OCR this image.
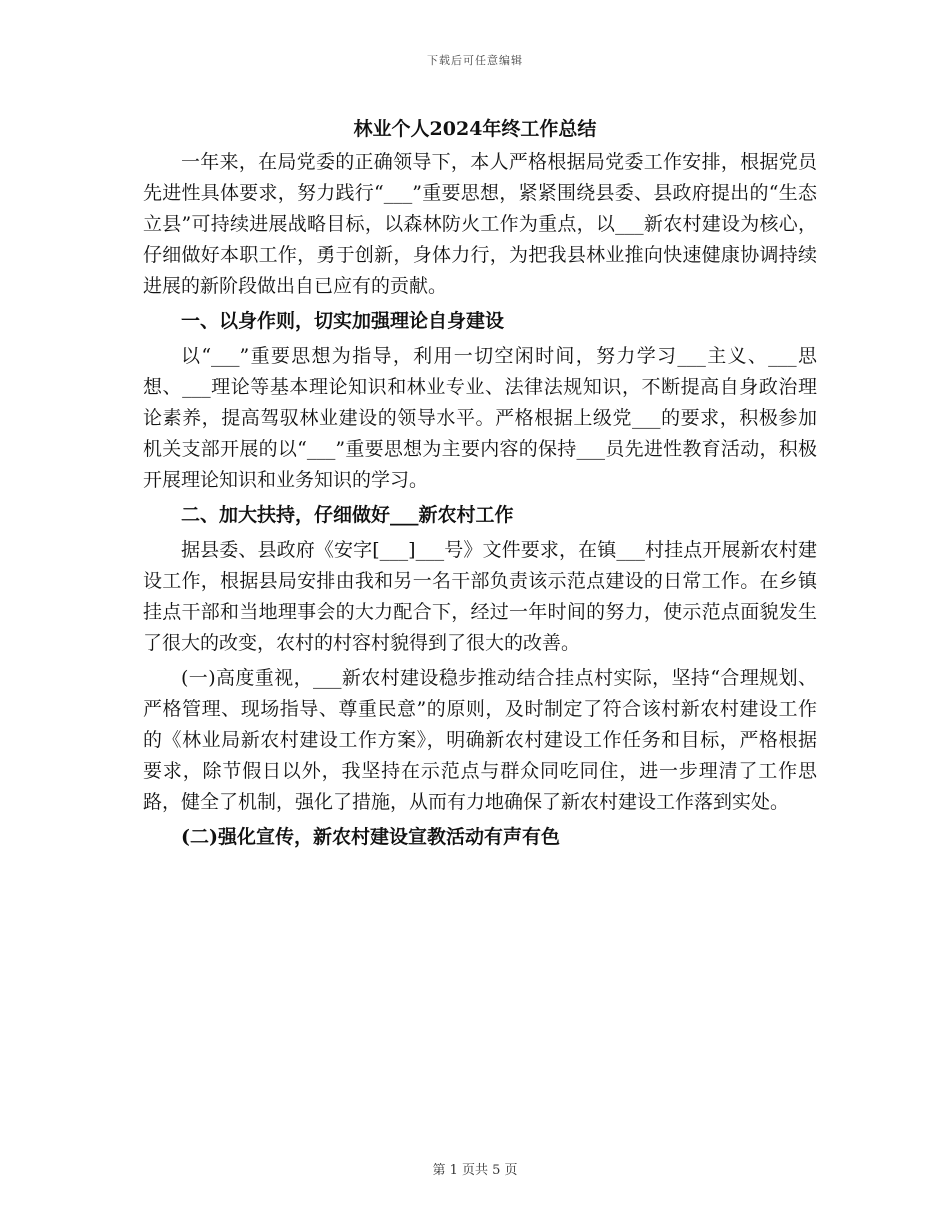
下载后可任意编辑
林业个人2024年终工作总结

一年来，在局党委的正确领导下，本人严格根据局党委工作安排，根据党员先进性具体要求，努力践行“___”重要思想，紧紧围绕县委、县政府提出的“生态立县”可持续进展战略目标，以森林防火工作为重点，以___新农村建设为核心，仔细做好本职工作，勇于创新，身体力行，为把我县林业推向快速健康协调持续进展的新阶段做出自已应有的贡献。

一、以身作则，切实加强理论自身建设

以“___”重要思想为指导，利用一切空闲时间，努力学习___主义、___思想、___理论等基本理论知识和林业专业、法律法规知识，不断提高自身政治理论素养，提高驾驭林业建设的领导水平。严格根据上级党___的要求，积极参加机关支部开展的以“___”重要思想为主要内容的保持___员先进性教育活动，积极开展理论知识和业务知识的学习。

二、加大扶持，仔细做好___新农村工作

据县委、县政府《安字[___]___号》文件要求，在镇___村挂点开展新农村建设工作，根据县局安排由我和另一名干部负责该示范点建设的日常工作。在乡镇挂点干部和当地理事会的大力配合下，经过一年时间的努力，使示范点面貌发生了很大的改变，农村的村容村貌得到了很大的改善。

(一)高度重视，___新农村建设稳步推动结合挂点村实际，坚持“合理规划、严格管理、现场指导、尊重民意”的原则，及时制定了符合该村新农村建设工作的《林业局新农村建设工作方案》，明确新农村建设工作任务和目标，严格根据要求，除节假日以外，我坚持在示范点与群众同吃同住，进一步理清了工作思路，健全了机制，强化了措施，从而有力地确保了新农村建设工作落到实处。

(二)强化宣传，新农村建设宣教活动有声有色

第 1 页共 5 页
